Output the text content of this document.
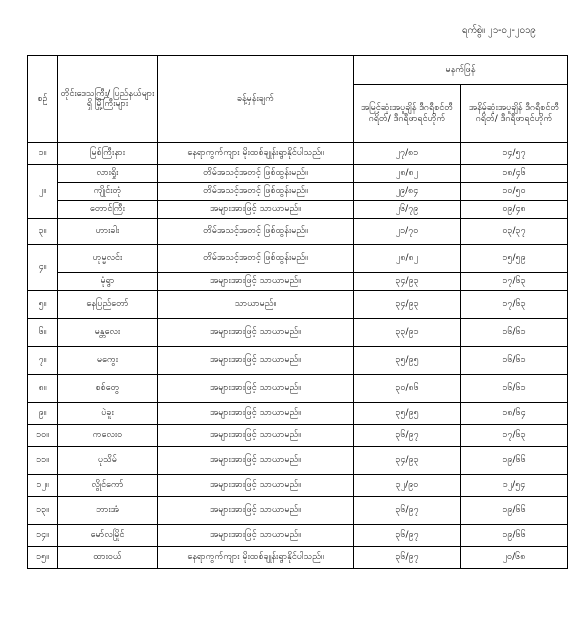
ရက်စွဲ။ ၂၁-၀၂-၂၀၁၉
စဉ်	တိုင်းဒေသကြီး/ ပြည်နယ်များရှိ မြို့ကြီးများ	ခန့်မှန်းချက်	မနက်ဖြန်	
			အမြင့်ဆုံးအပူချိန် ဒီဂရီစင်တီဂရိတ်/ ဒီဂရီဖာရင်ဟိုက်	အနိမ့်ဆုံးအပူချိန် ဒီဂရီစင်တီဂရိတ်/ ဒီဂရီဖာရင်ဟိုက်
၁။	မြစ်ကြီးနား	နေရာကွက်ကျား မိုးထစ်ချုန်းရွာနိုင်ပါသည်။	၂၇/၈၁	၁၄/၅၇
၂။	လားရှိုး	တိမ်အသင့်အတင့် ဖြစ်ထွန်းမည်။	၂၈/၈၂	၁၈/၄၆
	ကျိုင်းတုံ	တိမ်အသင့်အတင့် ဖြစ်ထွန်းမည်။	၂၉/၈၄	၁၀/၅၀
	တောင်ကြီး	အများအားဖြင့် သာယာမည်။	၂၆/၇၉	၀၉/၄၈
၃။	ဟားခါး	တိမ်အသင့်အတင့် ဖြစ်ထွန်းမည်။	၂၁/၇၀	၀၃/၃၇
၄။	ဟုမ္မလင်း	တိမ်အသင့်အတင့် ဖြစ်ထွန်းမည်။	၂၈/၈၂	၁၅/၅၉
	မုံရွာ	အများအားဖြင့် သာယာမည်။	၃၄/၉၃	၁၇/၆၃
၅။	နေပြည်တော်	သာယာမည်။	၃၄/၉၃	၁၇/၆၃
၆။	မန္တလေး	အများအားဖြင့် သာယာမည်။	၃၃/၉၁	၁၆/၆၁
၇။	မကွေး	အများအားဖြင့် သာယာမည်။	၃၅/၉၅	၁၆/၆၁
၈။	စစ်တွေ	အများအားဖြင့် သာယာမည်။	၃၀/၈၆	၁၆/၆၁
၉။	ပဲခူး	အများအားဖြင့် သာယာမည်။	၃၅/၉၅	၁၈/၆၄
၁၀။	ကလေးဝ	အများအားဖြင့် သာယာမည်။	၃၆/၉၇	၁၇/၆၃
၁၁။	ပုသိမ်	အများအားဖြင့် သာယာမည်။	၃၄/၉၃	၁၉/၆၆
၁၂။	လွိုင်ကော်	အများအားဖြင့် သာယာမည်။	၃၂/၉၀	၁၂/၅၄
၁၃။	ဘားအံ	အများအားဖြင့် သာယာမည်။	၃၆/၉၇	၁၉/၆၆
၁၄။	မော်လမြိုင်	အများအားဖြင့် သာယာမည်။	၃၆/၉၇	၁၉/၆၆
၁၅။	ထားဝယ်	နေရာကွက်ကျား မိုးထစ်ချုန်းရွာနိုင်ပါသည်။	၃၆/၉၇	၂၀/၆၈
